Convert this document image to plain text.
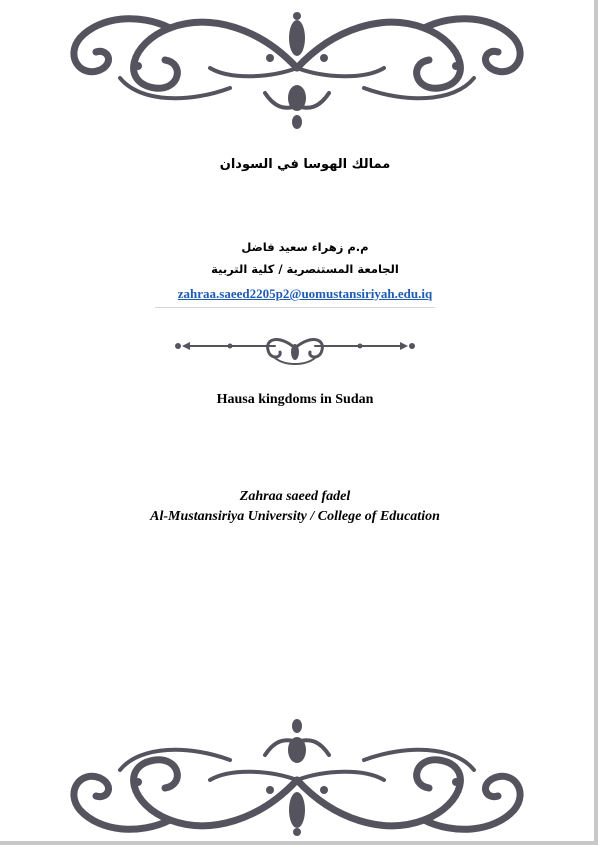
ممالك الهوسا في السودان
م.م زهراء سعيد فاضل
الجامعة المستنصرية / كلية التربية
zahraa.saeed2205p2@uomustansiriyah.edu.iq
Hausa kingdoms in Sudan
Zahraa saeed fadel
Al-Mustansiriya University / College of Education
